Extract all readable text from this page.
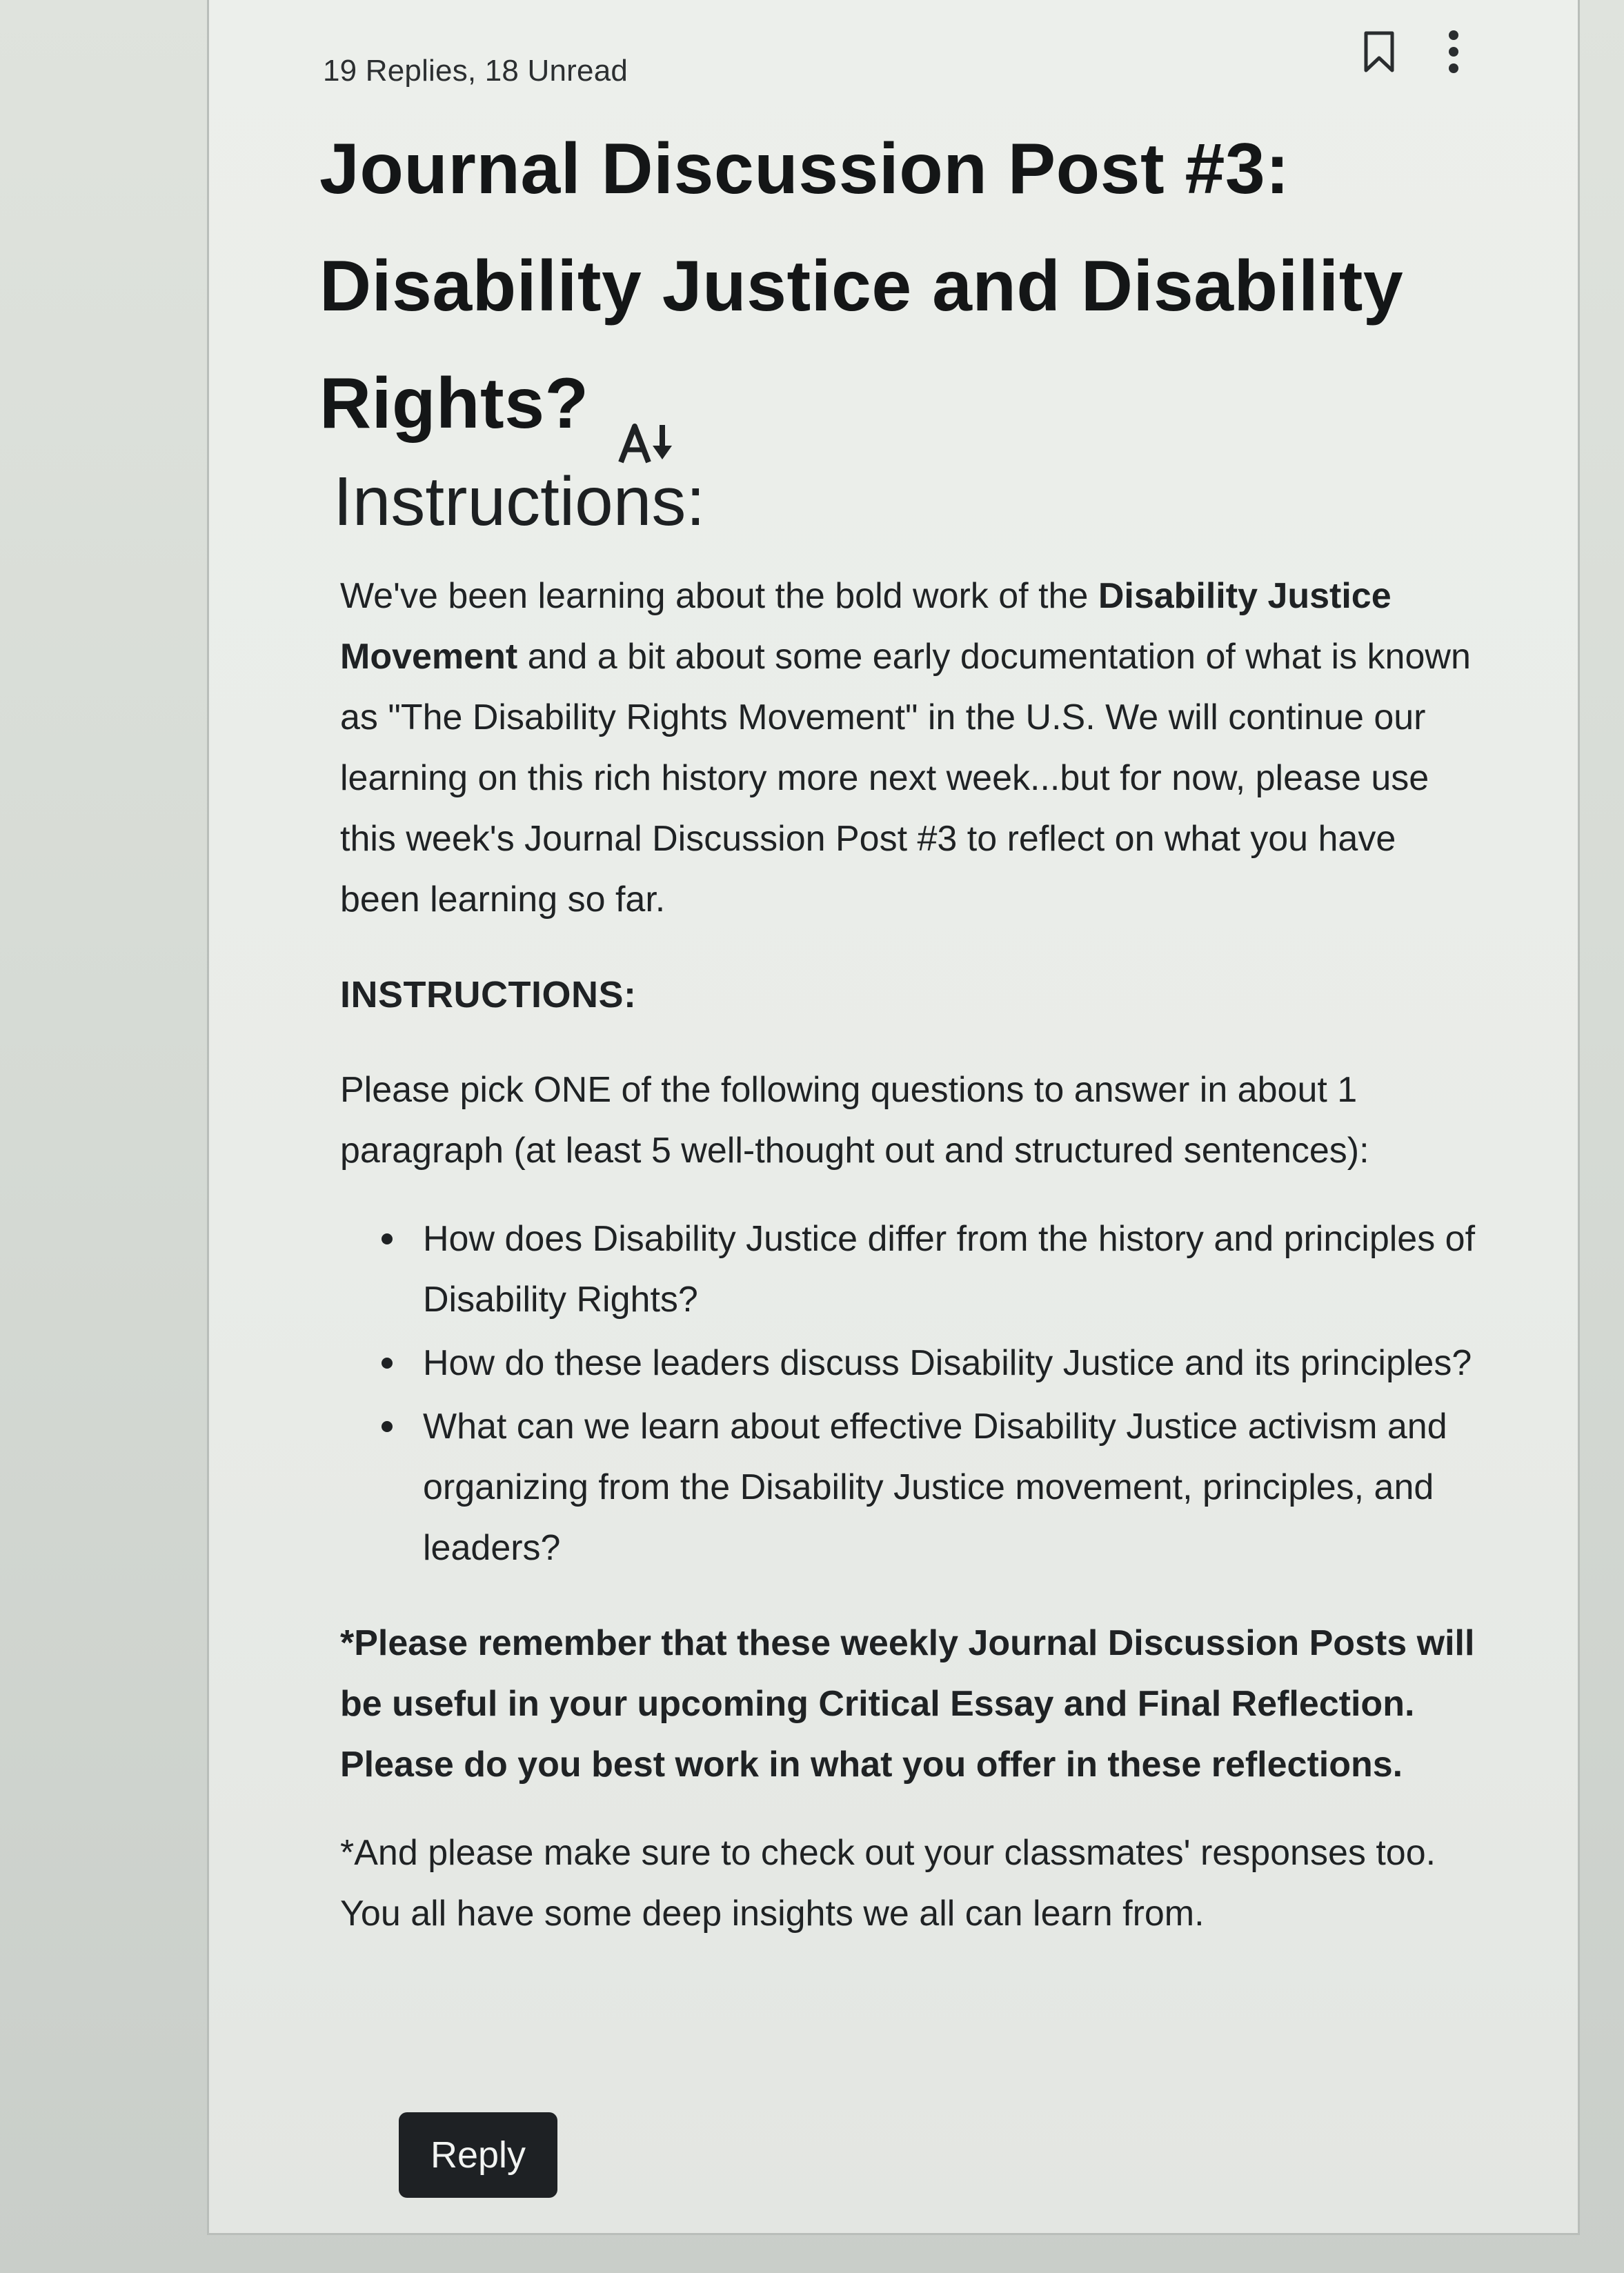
19 Replies, 18 Unread
Journal Discussion Post #3: Disability Justice and Disability Rights?
Instructions:

We've been learning about the bold work of the Disability Justice Movement and a bit about some early documentation of what is known as "The Disability Rights Movement" in the U.S. We will continue our learning on this rich history more next week...but for now, please use this week's Journal Discussion Post #3 to reflect on what you have been learning so far.

INSTRUCTIONS:

Please pick ONE of the following questions to answer in about 1 paragraph (at least 5 well-thought out and structured sentences):

How does Disability Justice differ from the history and principles of Disability Rights?
How do these leaders discuss Disability Justice and its principles?
What can we learn about effective Disability Justice activism and organizing from the Disability Justice movement, principles, and leaders?

*Please remember that these weekly Journal Discussion Posts will be useful in your upcoming Critical Essay and Final Reflection. Please do you best work in what you offer in these reflections.

*And please make sure to check out your classmates' responses too. You all have some deep insights we all can learn from.

Reply
